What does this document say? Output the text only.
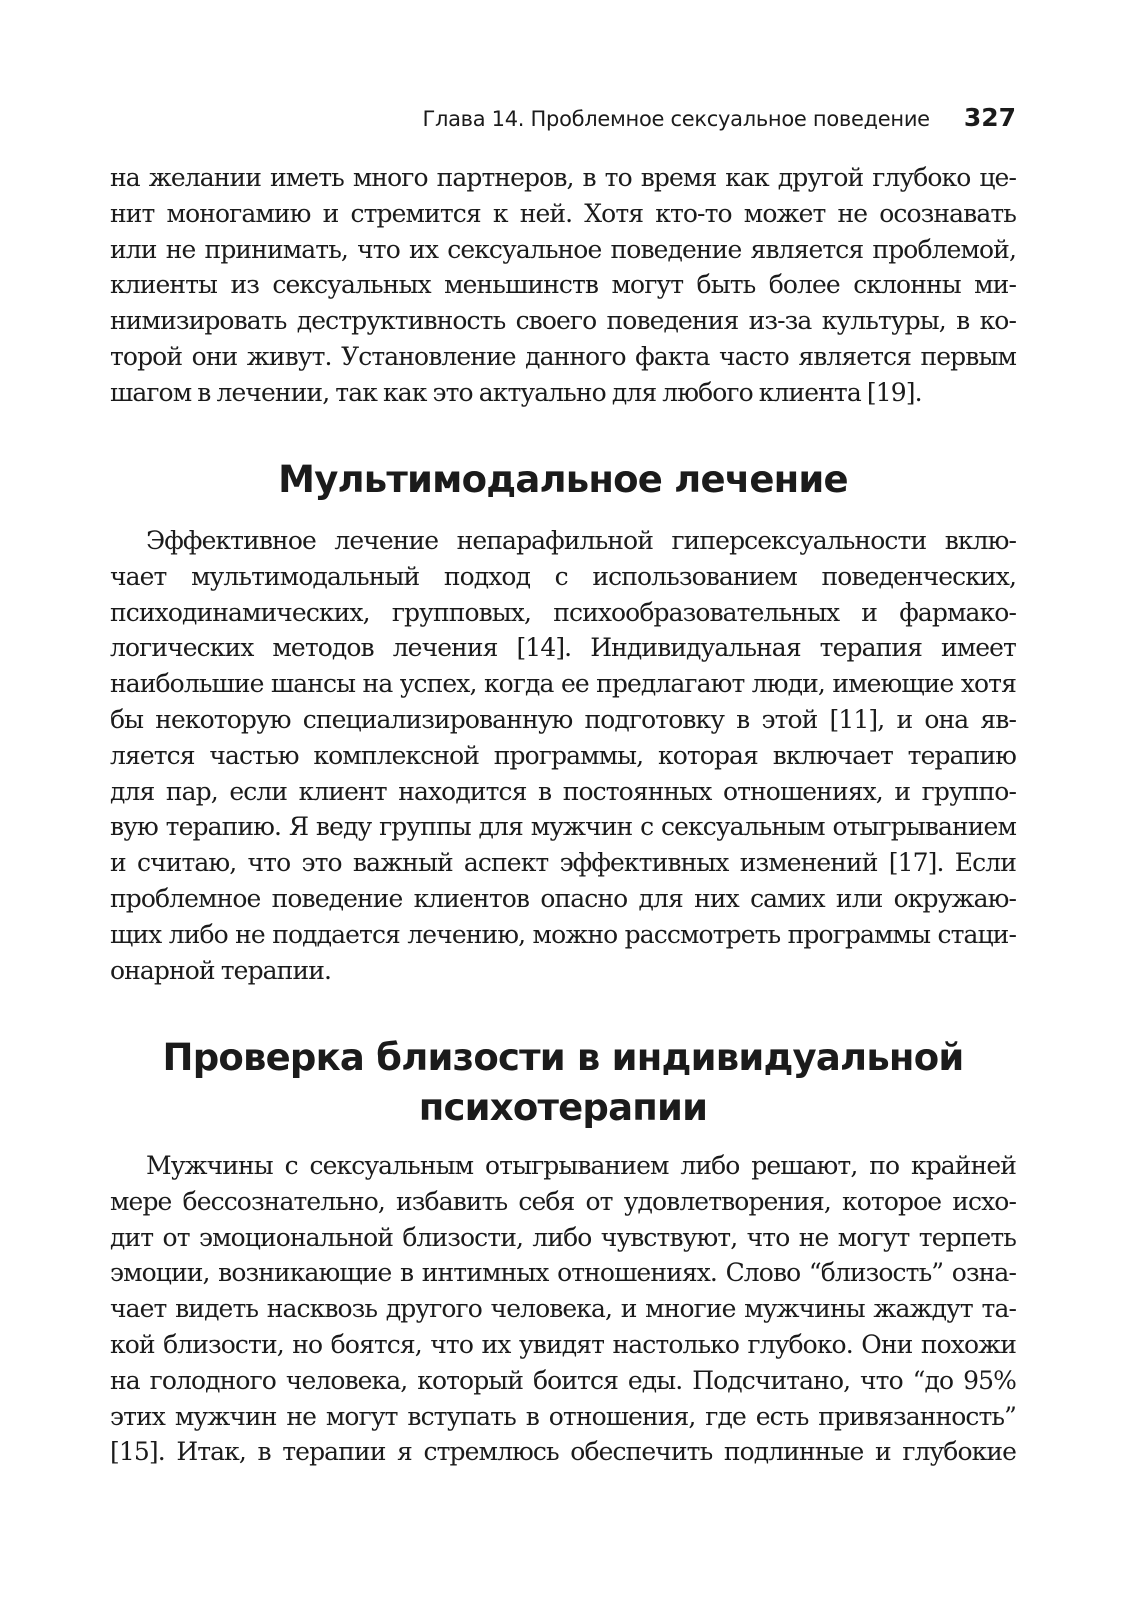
Глава 14. Проблемное сексуальное поведение 327
на желании иметь много партнеров, в то время как другой глубоко це-
нит моногамию и стремится к ней. Хотя кто-то может не осознавать
или не принимать, что их сексуальное поведение является проблемой,
клиенты из сексуальных меньшинств могут быть более склонны ми-
нимизировать деструктивность своего поведения из-за культуры, в ко-
торой они живут. Установление данного факта часто является первым
шагом в лечении, так как это актуально для любого клиента [19].
Мультимодальное лечение
Эффективное лечение непарафильной гиперсексуальности вклю-
чает мультимодальный подход с использованием поведенческих,
психодинамических, групповых, психообразовательных и фармако-
логических методов лечения [14]. Индивидуальная терапия имеет
наибольшие шансы на успех, когда ее предлагают люди, имеющие хотя
бы некоторую специализированную подготовку в этой [11], и она яв-
ляется частью комплексной программы, которая включает терапию
для пар, если клиент находится в постоянных отношениях, и группо-
вую терапию. Я веду группы для мужчин с сексуальным отыгрыванием
и считаю, что это важный аспект эффективных изменений [17]. Если
проблемное поведение клиентов опасно для них самих или окружаю-
щих либо не поддается лечению, можно рассмотреть программы стаци-
онарной терапии.
Проверка близости в индивидуальной
психотерапии
Мужчины с сексуальным отыгрыванием либо решают, по крайней
мере бессознательно, избавить себя от удовлетворения, которое исхо-
дит от эмоциональной близости, либо чувствуют, что не могут терпеть
эмоции, возникающие в интимных отношениях. Слово “близость” озна-
чает видеть насквозь другого человека, и многие мужчины жаждут та-
кой близости, но боятся, что их увидят настолько глубоко. Они похожи
на голодного человека, который боится еды. Подсчитано, что “до 95%
этих мужчин не могут вступать в отношения, где есть привязанность”
[15]. Итак, в терапии я стремлюсь обеспечить подлинные и глубокие
